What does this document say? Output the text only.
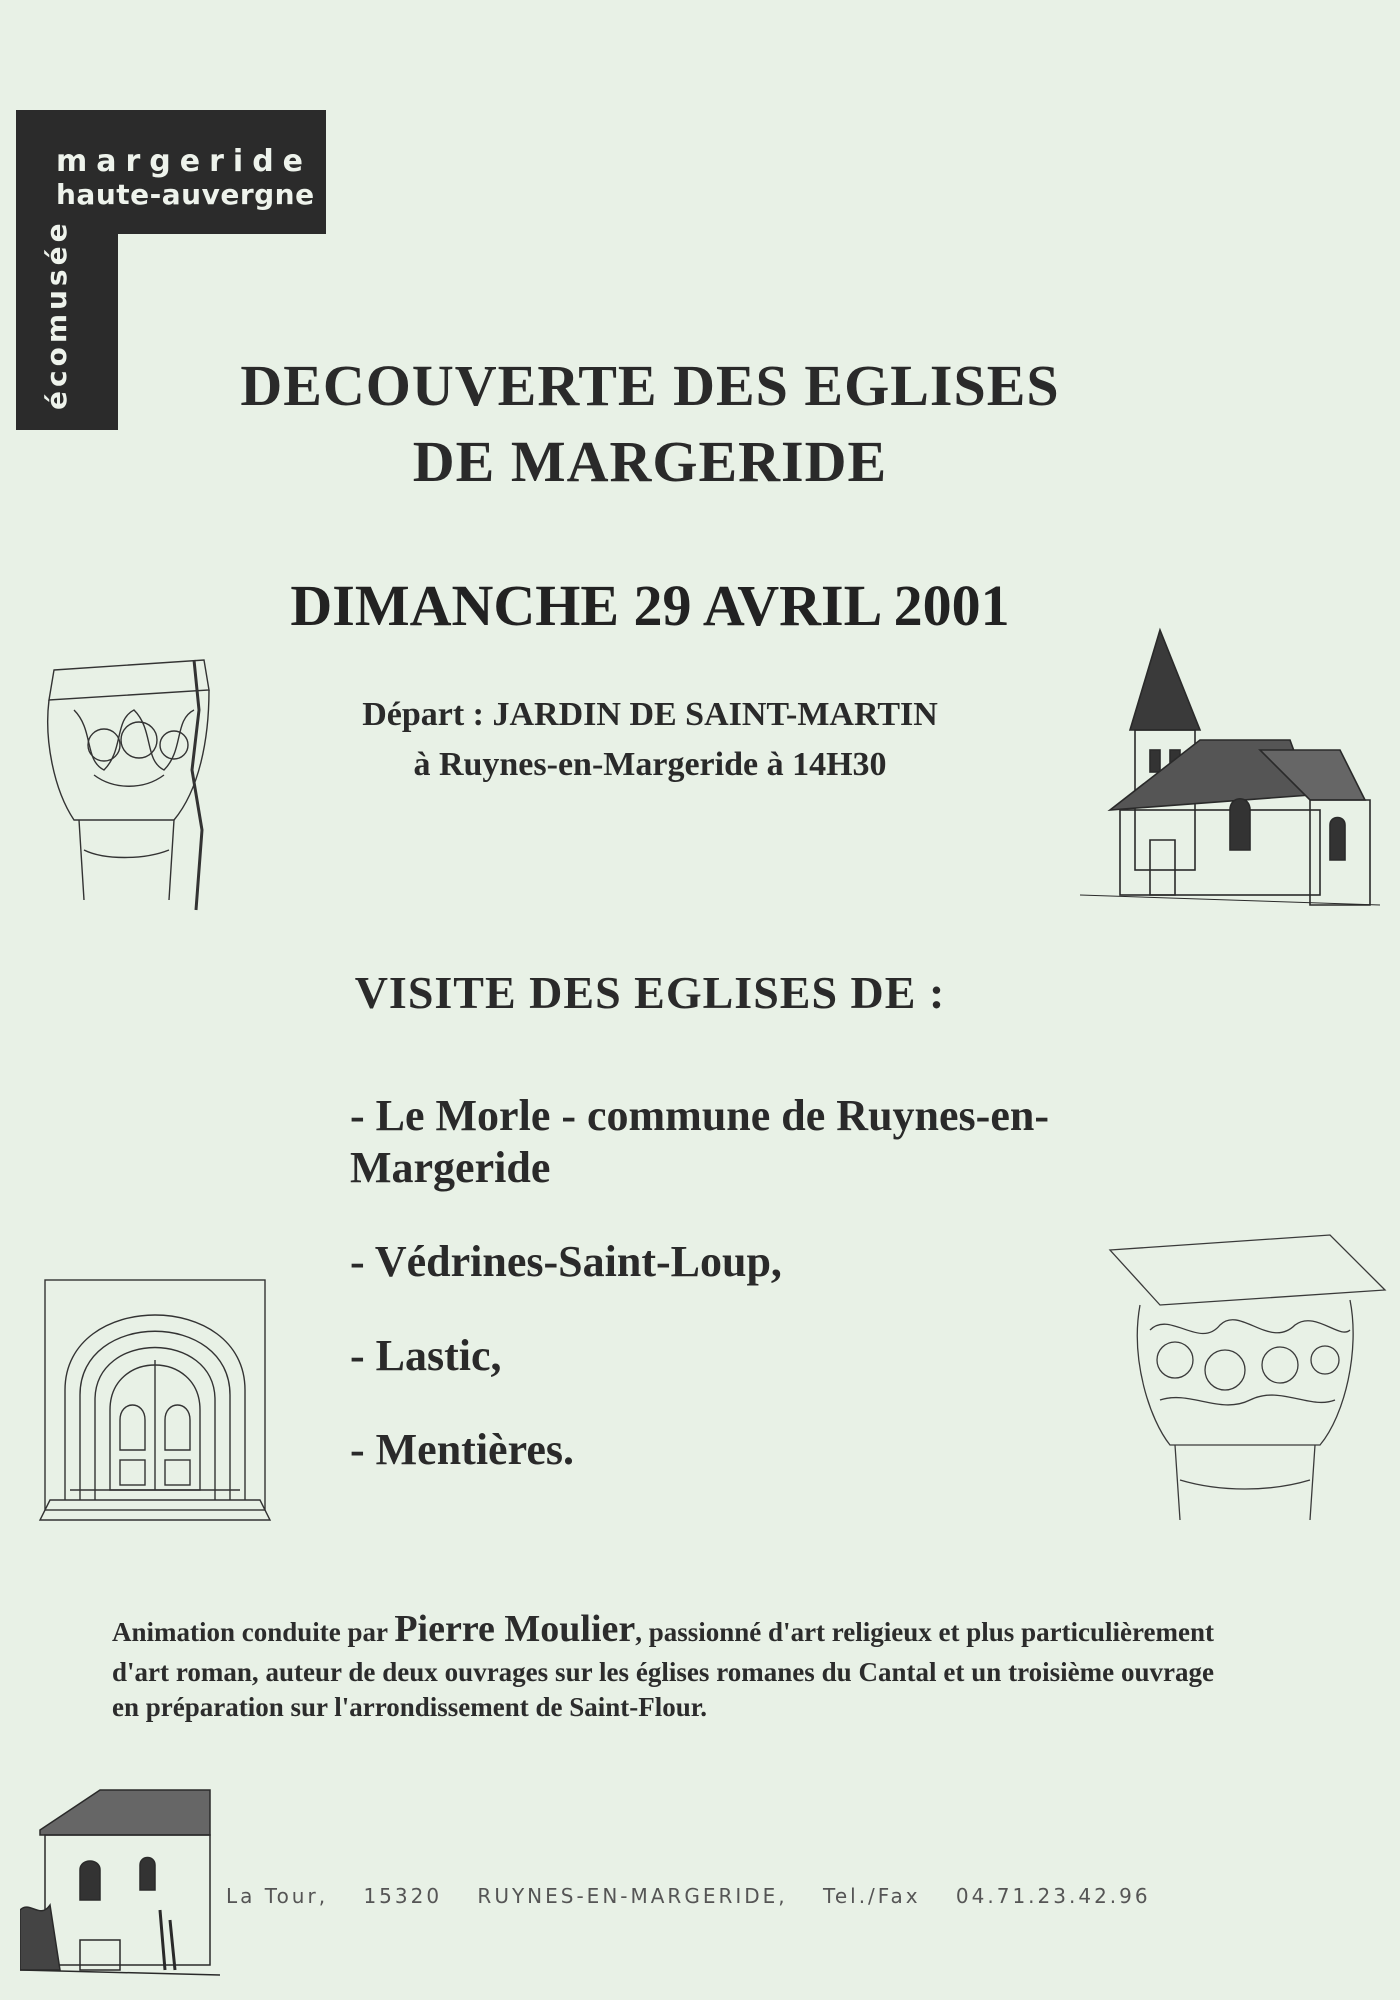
margeride
haute-auvergne
écomusée	DECOUVERTE DES EGLISES
DE MARGERIDE
DIMANCHE 29 AVRIL 2001
Départ : JARDIN DE SAINT-MARTIN
à Ruynes-en-Margeride à 14H30
VISITE DES EGLISES DE :
- Le Morle - commune de Ruynes-en-Margeride
- Védrines-Saint-Loup,
- Lastic,
- Mentières.
Animation conduite par Pierre Moulier, passionné d'art religieux et plus particulièrement d'art roman, auteur de deux ouvrages sur les églises romanes du Cantal et un troisième ouvrage en préparation sur l'arrondissement de Saint-Flour.
La Tour, 15320 RUYNES-EN-MARGERIDE, Tel./Fax 04.71.23.42.96
